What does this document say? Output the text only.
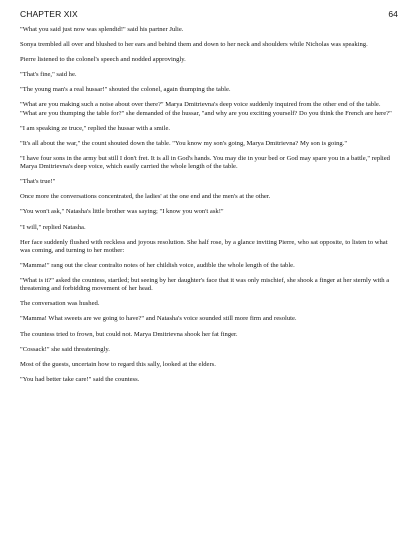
CHAPTER XIX	64

"What you said just now was splendid!" said his partner Julie.

Sonya trembled all over and blushed to her ears and behind them and down to her neck and shoulders while Nicholas was speaking.

Pierre listened to the colonel's speech and nodded approvingly.

"That's fine," said he.

"The young man's a real hussar!" shouted the colonel, again thumping the table.

"What are you making such a noise about over there?" Marya Dmitrievna's deep voice suddenly inquired from the other end of the table. "What are you thumping the table for?" she demanded of the hussar, "and why are you exciting yourself? Do you think the French are here?"

"I am speaking ze truce," replied the hussar with a smile.

"It's all about the war," the count shouted down the table. "You know my son's going, Marya Dmitrievna? My son is going."

"I have four sons in the army but still I don't fret. It is all in God's hands. You may die in your bed or God may spare you in a battle," replied Marya Dmitrievna's deep voice, which easily carried the whole length of the table.

"That's true!"

Once more the conversations concentrated, the ladies' at the one end and the men's at the other.

"You won't ask," Natasha's little brother was saying; "I know you won't ask!"

"I will," replied Natasha.

Her face suddenly flushed with reckless and joyous resolution. She half rose, by a glance inviting Pierre, who sat opposite, to listen to what was coming, and turning to her mother:

"Mamma!" rang out the clear contralto notes of her childish voice, audible the whole length of the table.

"What is it?" asked the countess, startled; but seeing by her daughter's face that it was only mischief, she shook a finger at her sternly with a threatening and forbidding movement of her head.

The conversation was hushed.

"Mamma! What sweets are we going to have?" and Natasha's voice sounded still more firm and resolute.

The countess tried to frown, but could not. Marya Dmitrievna shook her fat finger.

"Cossack!" she said threateningly.

Most of the guests, uncertain how to regard this sally, looked at the elders.

"You had better take care!" said the countess.
